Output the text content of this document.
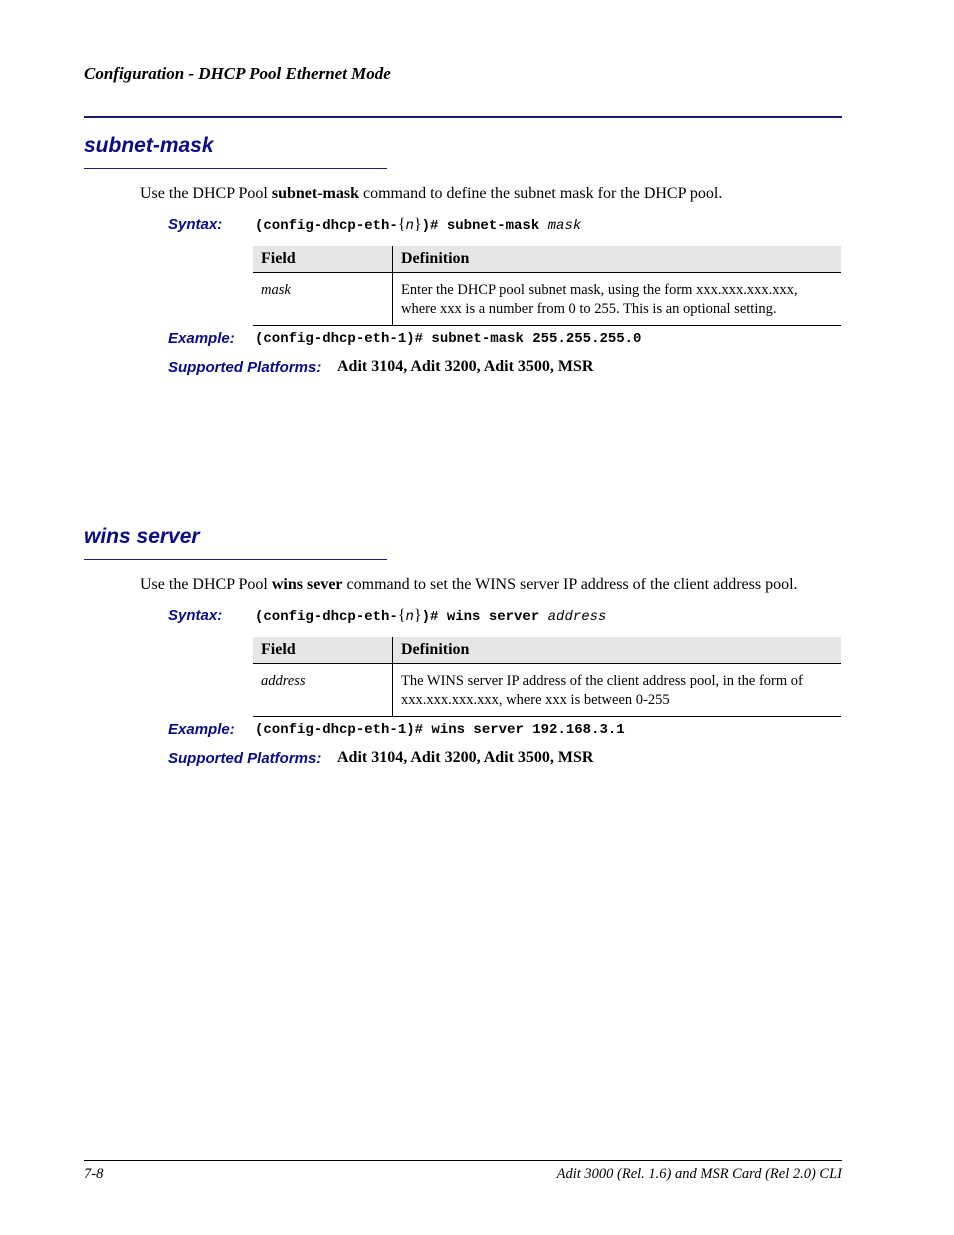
Configuration - DHCP Pool Ethernet Mode
subnet-mask
Use the DHCP Pool subnet-mask command to define the subnet mask for the DHCP pool.
Syntax: (config-dhcp-eth-{n})# subnet-mask mask
Field	Definition
mask	Enter the DHCP pool subnet mask, using the form xxx.xxx.xxx.xxx, where xxx is a number from 0 to 255. This is an optional setting.
Example: (config-dhcp-eth-1)# subnet-mask 255.255.255.0
Supported Platforms: Adit 3104, Adit 3200, Adit 3500, MSR
wins server
Use the DHCP Pool wins sever command to set the WINS server IP address of the client address pool.
Syntax: (config-dhcp-eth-{n})# wins server address
Field	Definition
address	The WINS server IP address of the client address pool, in the form of xxx.xxx.xxx.xxx, where xxx is between 0-255
Example: (config-dhcp-eth-1)# wins server 192.168.3.1
Supported Platforms: Adit 3104, Adit 3200, Adit 3500, MSR
7-8	Adit 3000 (Rel. 1.6) and MSR Card (Rel 2.0) CLI
